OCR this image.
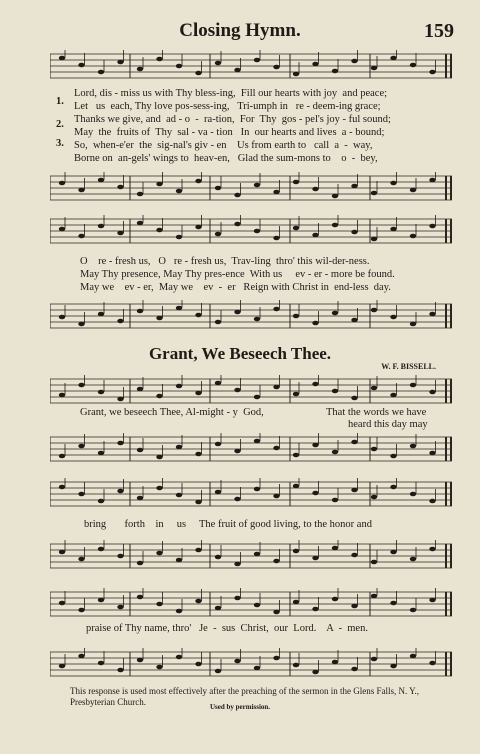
Closing Hymn.	159
1.
2.
3.
Lord, dis - miss us with Thy bless-ing,  Fill our hearts with joy  and peace;
Let   us  each, Thy love pos-sess-ing,   Tri-umph in   re - deem-ing grace;
Thanks we give, and  ad - o  -  ra-tion,  For  Thy  gos - pel's joy - ful sound;
May  the  fruits of  Thy  sal - va - tion   In  our hearts and lives  a - bound;
So,  when-e'er  the  sig-nal's giv - en    Us from earth to   call  a  -  way,
Borne on  an-gels' wings to  heav-en,   Glad the sum-mons to    o  -  bey,
O    re - fresh us,   O   re - fresh us,  Trav-ling  thro' this wil-der-ness.
May Thy presence, May Thy pres-ence  With us     ev - er - more be found.
May we    ev - er,  May we    ev  -  er   Reign with Christ in  end-less  day.
Grant, We Beseech Thee.
W. F. BISSELL.
Grant, we beseech Thee, Al-might - y  God,	That the words we have
heard this day may
bring       forth    in     us     The fruit of good living, to the honor and
praise of Thy name, thro'   Je  -  sus  Christ,  our  Lord.    A  -  men.
This response is used most effectively after the preaching of the sermon in the Glens Falls, N. Y., Presbyterian Church.	Used by permission.
